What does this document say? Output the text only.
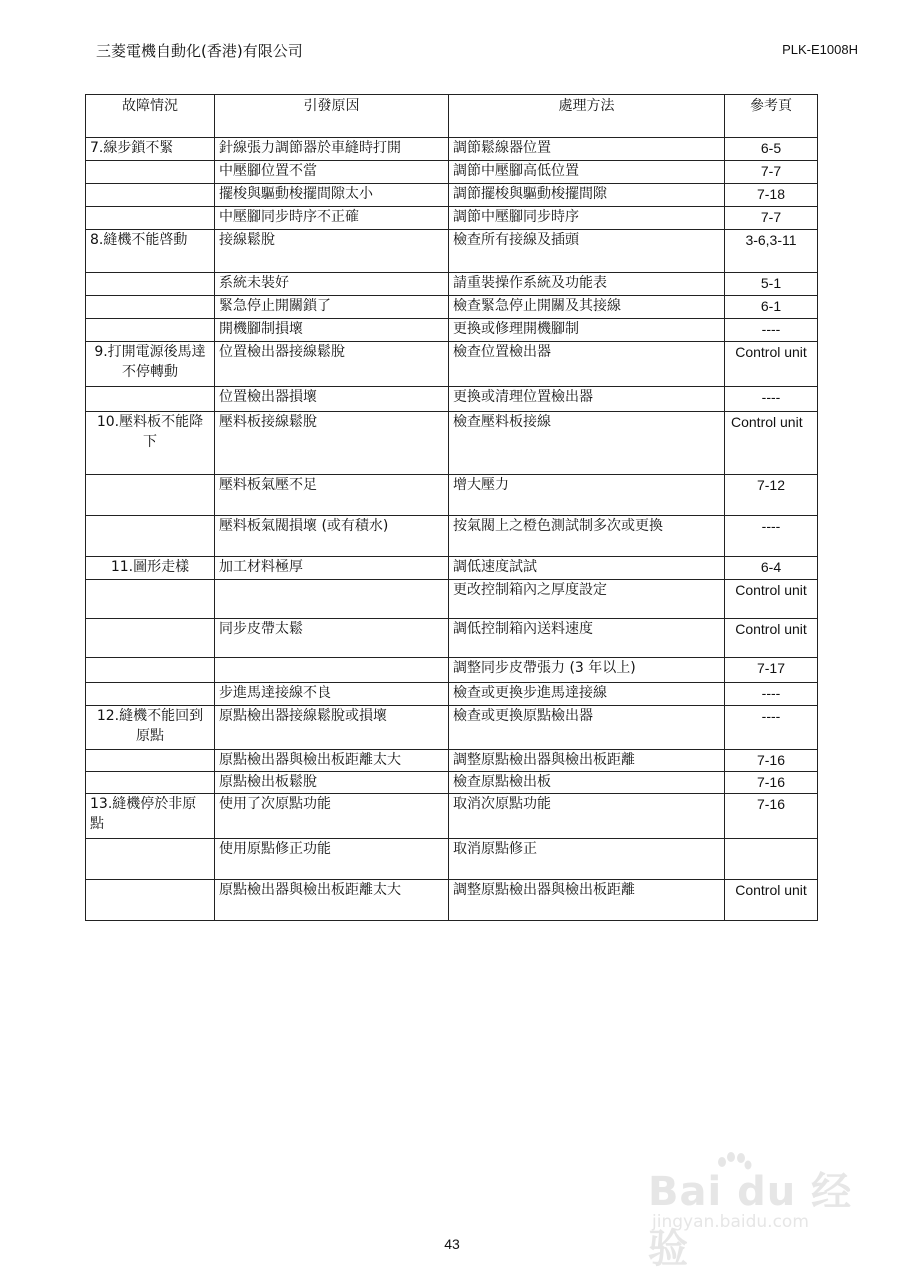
三菱電機自動化(香港)有限公司	PLK-E1008H
故障情況	引發原因	處理方法	參考頁
7.線步鎖不緊	針線張力調節器於車縫時打開	調節鬆線器位置	6-5
	中壓腳位置不當	調節中壓腳高低位置	7-7
	擺梭與驅動梭擺間隙太小	調節擺梭與驅動梭擺間隙	7-18
	中壓腳同步時序不正確	調節中壓腳同步時序	7-7
8.縫機不能啓動	接線鬆脫	檢查所有接線及插頭	3-6,3-11
	系統未裝好	請重裝操作系統及功能表	5-1
	緊急停止開關鎖了	檢查緊急停止開關及其接線	6-1
	開機腳制損壞	更換或修理開機腳制	----
9.打開電源後馬達不停轉動	位置檢出器接線鬆脫	檢查位置檢出器	Control unit
	位置檢出器損壞	更換或清理位置檢出器	----
10.壓料板不能降下	壓料板接線鬆脫	檢查壓料板接線	Control unit
	壓料板氣壓不足	增大壓力	7-12
	壓料板氣閥損壞 (或有積水)	按氣閥上之橙色測試制多次或更換	----
11.圖形走樣	加工材料極厚	調低速度試試	6-4
		更改控制箱內之厚度設定	Control unit
	同步皮帶太鬆	調低控制箱內送料速度	Control unit
		調整同步皮帶張力 (3 年以上)	7-17
	步進馬達接線不良	檢查或更換步進馬達接線	----
12.縫機不能回到原點	原點檢出器接線鬆脫或損壞	檢查或更換原點檢出器	----
	原點檢出器與檢出板距離太大	調整原點檢出器與檢出板距離	7-16
	原點檢出板鬆脫	檢查原點檢出板	7-16
13.縫機停於非原點	使用了次原點功能	取消次原點功能	7-16
	使用原點修正功能	取消原點修正	
	原點檢出器與檢出板距離太大	調整原點檢出器與檢出板距離	Control unit
Bai du 经验
jingyan.baidu.com
43
